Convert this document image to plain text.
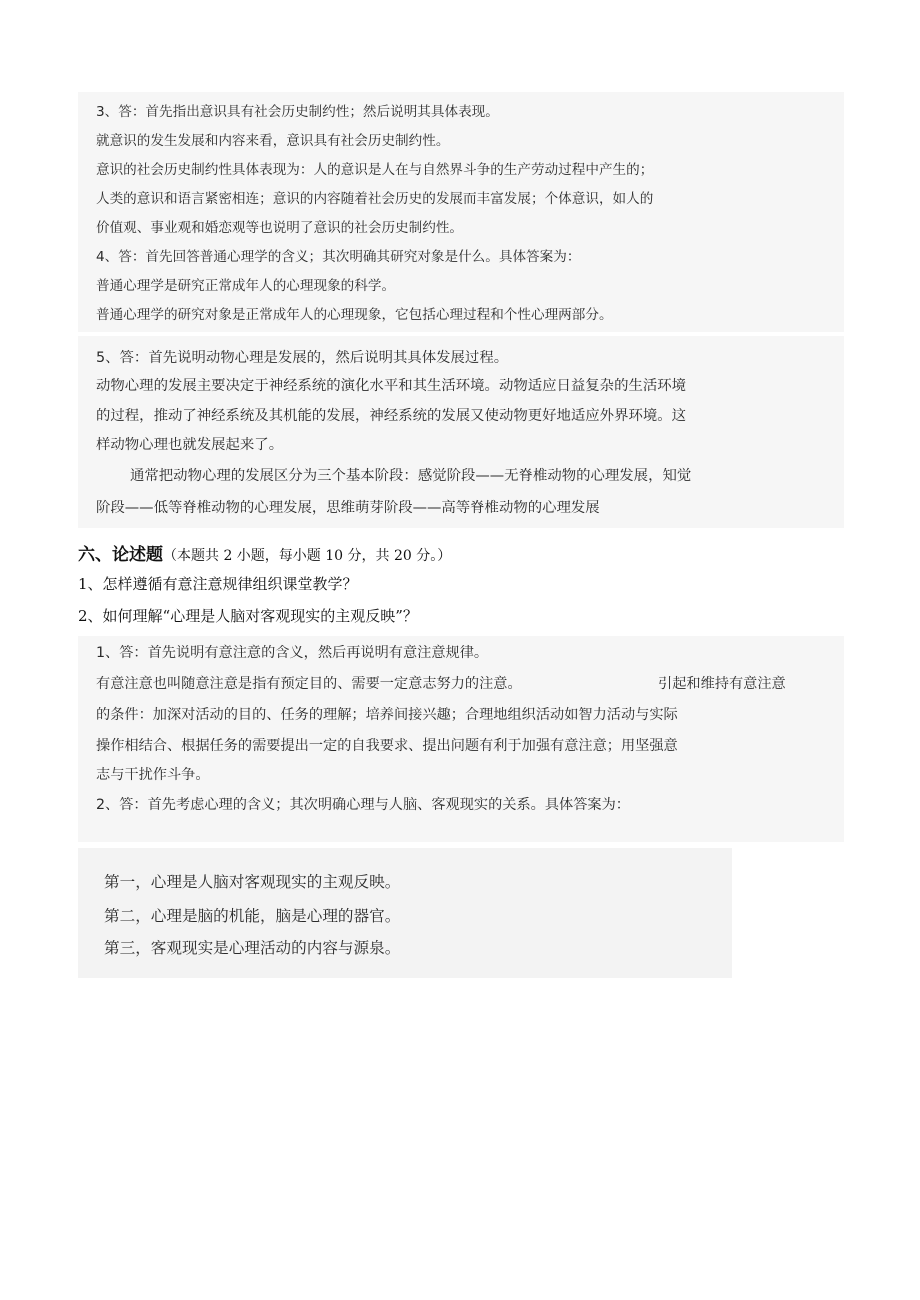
3、答：首先指出意识具有社会历史制约性；然后说明其具体表现。
就意识的发生发展和内容来看，意识具有社会历史制约性。
意识的社会历史制约性具体表现为：人的意识是人在与自然界斗争的生产劳动过程中产生的；
人类的意识和语言紧密相连；意识的内容随着社会历史的发展而丰富发展；个体意识，如人的
价值观、事业观和婚恋观等也说明了意识的社会历史制约性。
4、答：首先回答普通心理学的含义；其次明确其研究对象是什么。具体答案为：
普通心理学是研究正常成年人的心理现象的科学。
普通心理学的研究对象是正常成年人的心理现象，它包括心理过程和个性心理两部分。
5、答：首先说明动物心理是发展的，然后说明其具体发展过程。
动物心理的发展主要决定于神经系统的演化水平和其生活环境。动物适应日益复杂的生活环境
的过程，推动了神经系统及其机能的发展，神经系统的发展又使动物更好地适应外界环境。这
样动物心理也就发展起来了。
通常把动物心理的发展区分为三个基本阶段：感觉阶段——无脊椎动物的心理发展，知觉
阶段——低等脊椎动物的心理发展，思维萌芽阶段——高等脊椎动物的心理发展
六、论述题（本题共 2 小题，每小题 10 分，共 20 分。）
1、怎样遵循有意注意规律组织课堂教学？
2、如何理解“心理是人脑对客观现实的主观反映”？
1、答：首先说明有意注意的含义，然后再说明有意注意规律。
有意注意也叫随意注意是指有预定目的、需要一定意志努力的注意。	引起和维持有意注意
的条件：加深对活动的目的、任务的理解；培养间接兴趣；合理地组织活动如智力活动与实际
操作相结合、根据任务的需要提出一定的自我要求、提出问题有利于加强有意注意；用坚强意
志与干扰作斗争。
2、答：首先考虑心理的含义；其次明确心理与人脑、客观现实的关系。具体答案为：
第一，心理是人脑对客观现实的主观反映。
第二，心理是脑的机能，脑是心理的器官。
第三，客观现实是心理活动的内容与源泉。
